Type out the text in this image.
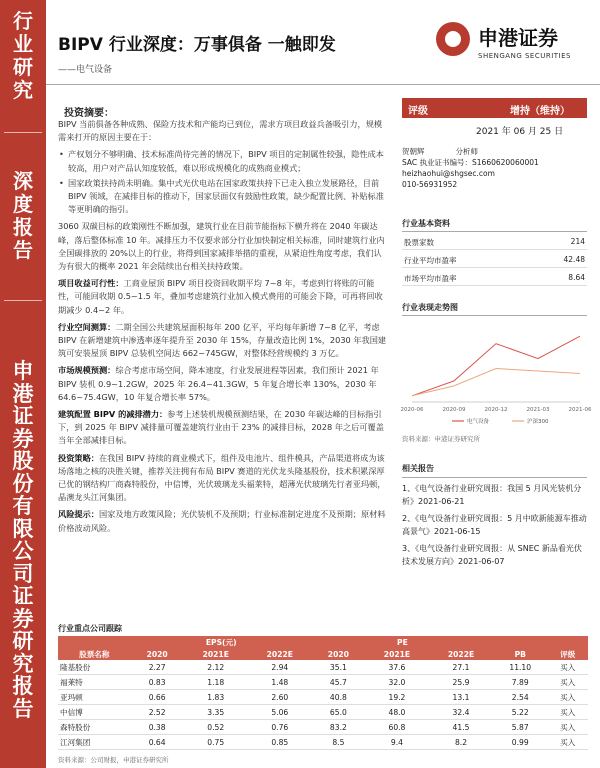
行业研究
深度报告
申港证券股份有限公司证券研究报告
BIPV 行业深度：万事俱备 一触即发
——电气设备
申港证券
SHENGANG SECURITIES
投资摘要：

BIPV 当前俱备各种成熟、保险方技术和产能均已到位，需求方项目政益兵备吸引力，规模需来打开的原因主要在于：

• 产权划分不够明确、技术标准尚待完善的情况下，BIPV 项目的定制属性较强，隐性成本较高，用户对产品认知度较低，难以形成规模化的成熟商业模式；
• 国家政策扶持尚未明确。集中式光伏电站在国家政策扶持下已走入独立发展路径，目前 BIPV 领域，在减排目标的推动下，国家层面仅有鼓励性政策，缺少配置比例、补贴标准等更明确的指引。

3060 双碳目标的政策刚性不断加强，建筑行业在目前节能指标下横升将在 2040 年碳达峰，落后整体标准 10 年。减排压力不仅要求部分行业加快制定相关标准，同时建筑行业内全国碳排放的 20%以上的行业，将得到国家减排举措的重视，从紧迫性角度考虑，我们认为有很大的概率 2021 年会陆续出台相关扶持政策。

项目收益可行性：工商业屋顶 BIPV 项目投资回收期平均 7~8 年，考虑到行将账的可能性，可能回收期 0.5~1.5 年，叠加考虑建筑行业加入模式费用的可能会下降，可再将回收期减少 0.4~2 年。

行业空间测算：二期全国公共建筑屋面积每年 200 亿平，平均每年新增 7~8 亿平，考虑 BIPV 在新增建筑中渗透率逐年提升至 2030 年 15%，存量改造比例 1%，2030 年我国建筑可安装屋顶 BIPV 总装机空间达 662~745GW，对整体经营规模约 3 万亿。

市场规模预测：综合考虑市场空间，降本速度，行业发展进程等因素，我们预计 2021 年 BIPV 装机 0.9~1.2GW，2025 年 26.4~41.3GW，5 年复合增长率 130%，2030 年 64.6~75.4GW，10 年复合增长率 57%。

建筑配置 BIPV 的减排潜力：参考上述装机规模预测结果，在 2030 年碳达峰的目标指引下，到 2025 年 BIPV 减排量可覆盖建筑行业由于 23% 的减排目标，2028 年之后可覆盖当年全部减排目标。

投资策略：在我国 BIPV 持续的商业模式下，组件及电池片、组件模具，产品渠道将成为该场落地之核的决胜关键，推荐关注拥有布局 BIPV 赛道的光伏龙头隆基股份，技术积累深厚已优的钢结构厂商森特股份，中信博，光伏玻璃龙头福莱特，超薄光伏玻璃先行者亚玛顿，晶澳龙头江河集团。

风险提示：国家及地方政策风险；光伏装机不及预期；行业标准制定进度不及预期；原材料价格波动风险。

评级	增持（维持）
2021 年 06 月 25 日
贺朝辉	分析师
SAC 执业证书编号：S1660620060001
heizhaohui@shgsec.com
010-56931952
行业基本资料
股票家数	214
行业平均市盈率	42.48
市场平均市盈率	8.64
行业表现走势图
2020-06	2020-09	2020-12	2021-03	2021-06
电气设备	沪深300
资料来源：申港证券研究所
相关报告
1、《电气设备行业研究周报：我国 5 月风光装机分析》2021-06-21
2、《电气设备行业研究周报：5 月中欧新能源车推动高景气》2021-06-15
3、《电气设备行业研究周报：从 SNEC 新品看光伏技术发展方向》2021-06-07
行业重点公司跟踪
	EPS(元)			PE				
股票名称	2020	2021E	2022E	2020	2021E	2022E	PB	评级
隆基股份	2.27	2.12	2.94	35.1	37.6	27.1	11.10	买入
福莱特	0.83	1.18	1.48	45.7	32.0	25.9	7.89	买入
亚玛顿	0.66	1.83	2.60	40.8	19.2	13.1	2.54	买入
中信博	2.52	3.35	5.06	65.0	48.0	32.4	5.22	买入
森特股份	0.38	0.52	0.76	83.2	60.8	41.5	5.87	买入
江河集团	0.64	0.75	0.85	8.5	9.4	8.2	0.99	买入
资料来源：公司财报，申港证券研究所
